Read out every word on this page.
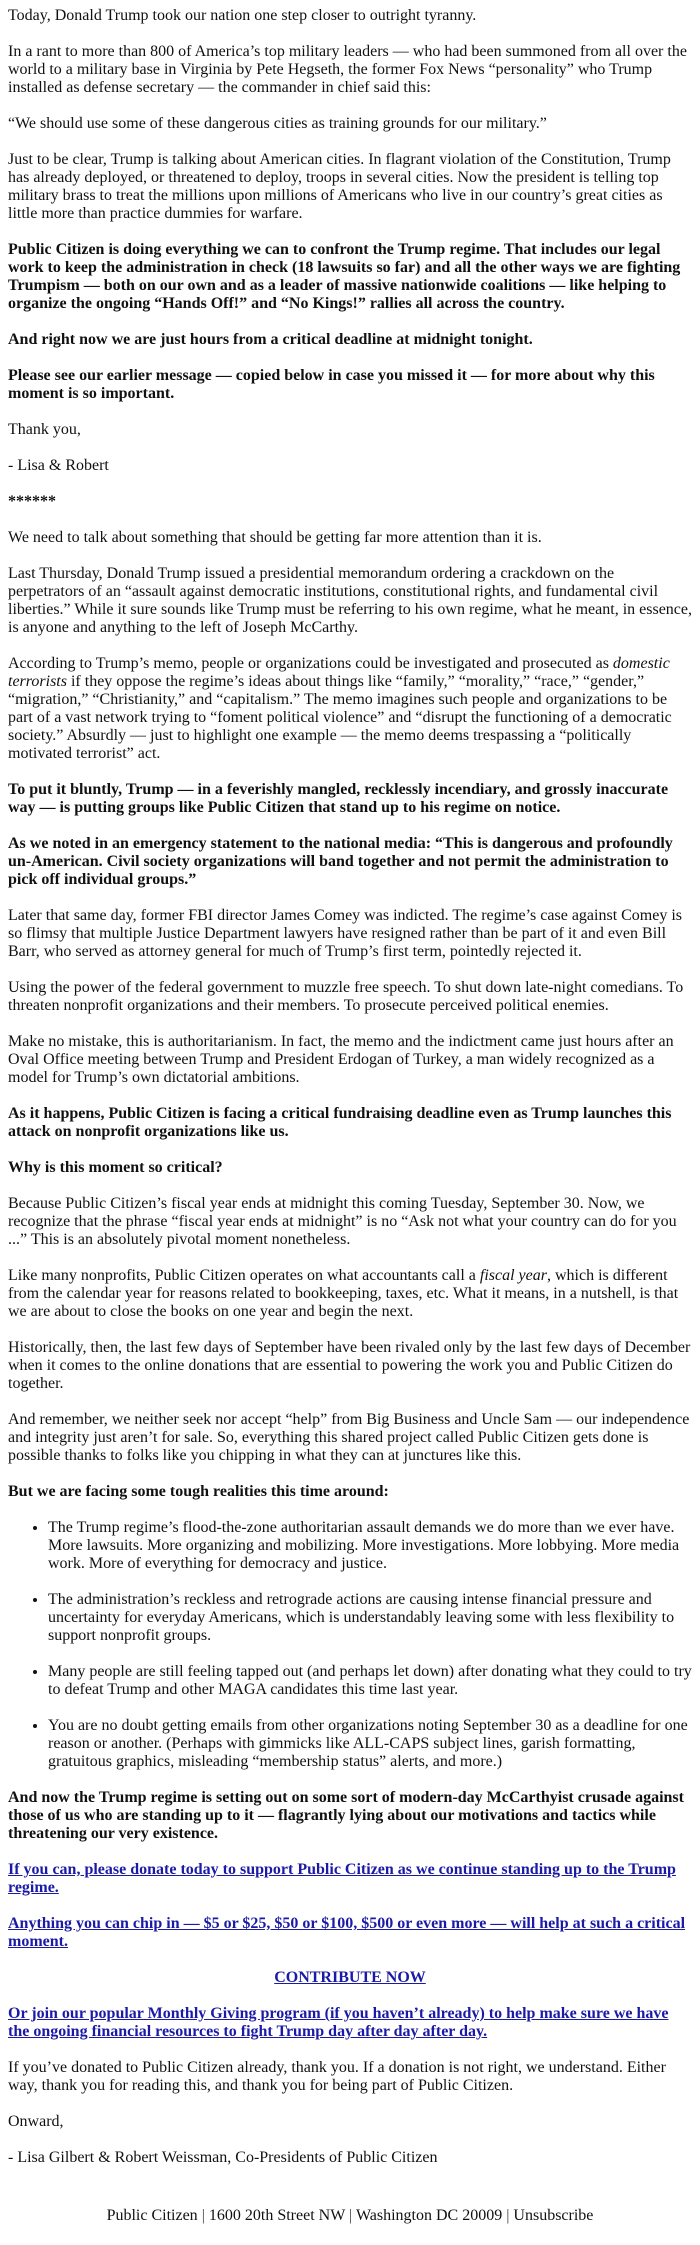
Today, Donald Trump took our nation one step closer to outright tyranny.

In a rant to more than 800 of America’s top military leaders — who had been summoned from all over the world to a military base in Virginia by Pete Hegseth, the former Fox News “personality” who Trump installed as defense secretary — the commander in chief said this:

“We should use some of these dangerous cities as training grounds for our military.”

Just to be clear, Trump is talking about American cities. In flagrant violation of the Constitution, Trump has already deployed, or threatened to deploy, troops in several cities. Now the president is telling top military brass to treat the millions upon millions of Americans who live in our country’s great cities as little more than practice dummies for warfare.

Public Citizen is doing everything we can to confront the Trump regime. That includes our legal work to keep the administration in check (18 lawsuits so far) and all the other ways we are fighting Trumpism — both on our own and as a leader of massive nationwide coalitions — like helping to organize the ongoing “Hands Off!” and “No Kings!” rallies all across the country.

And right now we are just hours from a critical deadline at midnight tonight.

Please see our earlier message — copied below in case you missed it — for more about why this moment is so important.

Thank you,

- Lisa & Robert

******

We need to talk about something that should be getting far more attention than it is.

Last Thursday, Donald Trump issued a presidential memorandum ordering a crackdown on the perpetrators of an “assault against democratic institutions, constitutional rights, and fundamental civil liberties.” While it sure sounds like Trump must be referring to his own regime, what he meant, in essence, is anyone and anything to the left of Joseph McCarthy.

According to Trump’s memo, people or organizations could be investigated and prosecuted as domestic terrorists if they oppose the regime’s ideas about things like “family,” “morality,” “race,” “gender,” “migration,” “Christianity,” and “capitalism.” The memo imagines such people and organizations to be part of a vast network trying to “foment political violence” and “disrupt the functioning of a democratic society.” Absurdly — just to highlight one example — the memo deems trespassing a “politically motivated terrorist” act.

To put it bluntly, Trump — in a feverishly mangled, recklessly incendiary, and grossly inaccurate way — is putting groups like Public Citizen that stand up to his regime on notice.

As we noted in an emergency statement to the national media: “This is dangerous and profoundly un-American. Civil society organizations will band together and not permit the administration to pick off individual groups.”

Later that same day, former FBI director James Comey was indicted. The regime’s case against Comey is so flimsy that multiple Justice Department lawyers have resigned rather than be part of it and even Bill Barr, who served as attorney general for much of Trump’s first term, pointedly rejected it.

Using the power of the federal government to muzzle free speech. To shut down late-night comedians. To threaten nonprofit organizations and their members. To prosecute perceived political enemies.

Make no mistake, this is authoritarianism. In fact, the memo and the indictment came just hours after an Oval Office meeting between Trump and President Erdogan of Turkey, a man widely recognized as a model for Trump’s own dictatorial ambitions.

As it happens, Public Citizen is facing a critical fundraising deadline even as Trump launches this attack on nonprofit organizations like us.

Why is this moment so critical?

Because Public Citizen’s fiscal year ends at midnight this coming Tuesday, September 30. Now, we recognize that the phrase “fiscal year ends at midnight” is no “Ask not what your country can do for you ...” This is an absolutely pivotal moment nonetheless.

Like many nonprofits, Public Citizen operates on what accountants call a fiscal year, which is different from the calendar year for reasons related to bookkeeping, taxes, etc. What it means, in a nutshell, is that we are about to close the books on one year and begin the next.

Historically, then, the last few days of September have been rivaled only by the last few days of December when it comes to the online donations that are essential to powering the work you and Public Citizen do together.

And remember, we neither seek nor accept “help” from Big Business and Uncle Sam — our independence and integrity just aren’t for sale. So, everything this shared project called Public Citizen gets done is possible thanks to folks like you chipping in what they can at junctures like this.

But we are facing some tough realities this time around:

• The Trump regime’s flood-the-zone authoritarian assault demands we do more than we ever have. More lawsuits. More organizing and mobilizing. More investigations. More lobbying. More media work. More of everything for democracy and justice.
• The administration’s reckless and retrograde actions are causing intense financial pressure and uncertainty for everyday Americans, which is understandably leaving some with less flexibility to support nonprofit groups.
• Many people are still feeling tapped out (and perhaps let down) after donating what they could to try to defeat Trump and other MAGA candidates this time last year.
• You are no doubt getting emails from other organizations noting September 30 as a deadline for one reason or another. (Perhaps with gimmicks like ALL-CAPS subject lines, garish formatting, gratuitous graphics, misleading “membership status” alerts, and more.)

And now the Trump regime is setting out on some sort of modern-day McCarthyist crusade against those of us who are standing up to it — flagrantly lying about our motivations and tactics while threatening our very existence.

If you can, please donate today to support Public Citizen as we continue standing up to the Trump regime.

Anything you can chip in — $5 or $25, $50 or $100, $500 or even more — will help at such a critical moment.

CONTRIBUTE NOW

Or join our popular Monthly Giving program (if you haven’t already) to help make sure we have the ongoing financial resources to fight Trump day after day after day.

If you’ve donated to Public Citizen already, thank you. If a donation is not right, we understand. Either way, thank you for reading this, and thank you for being part of Public Citizen.

Onward,

- Lisa Gilbert & Robert Weissman, Co-Presidents of Public Citizen

Public Citizen | 1600 20th Street NW | Washington DC 20009 | Unsubscribe
